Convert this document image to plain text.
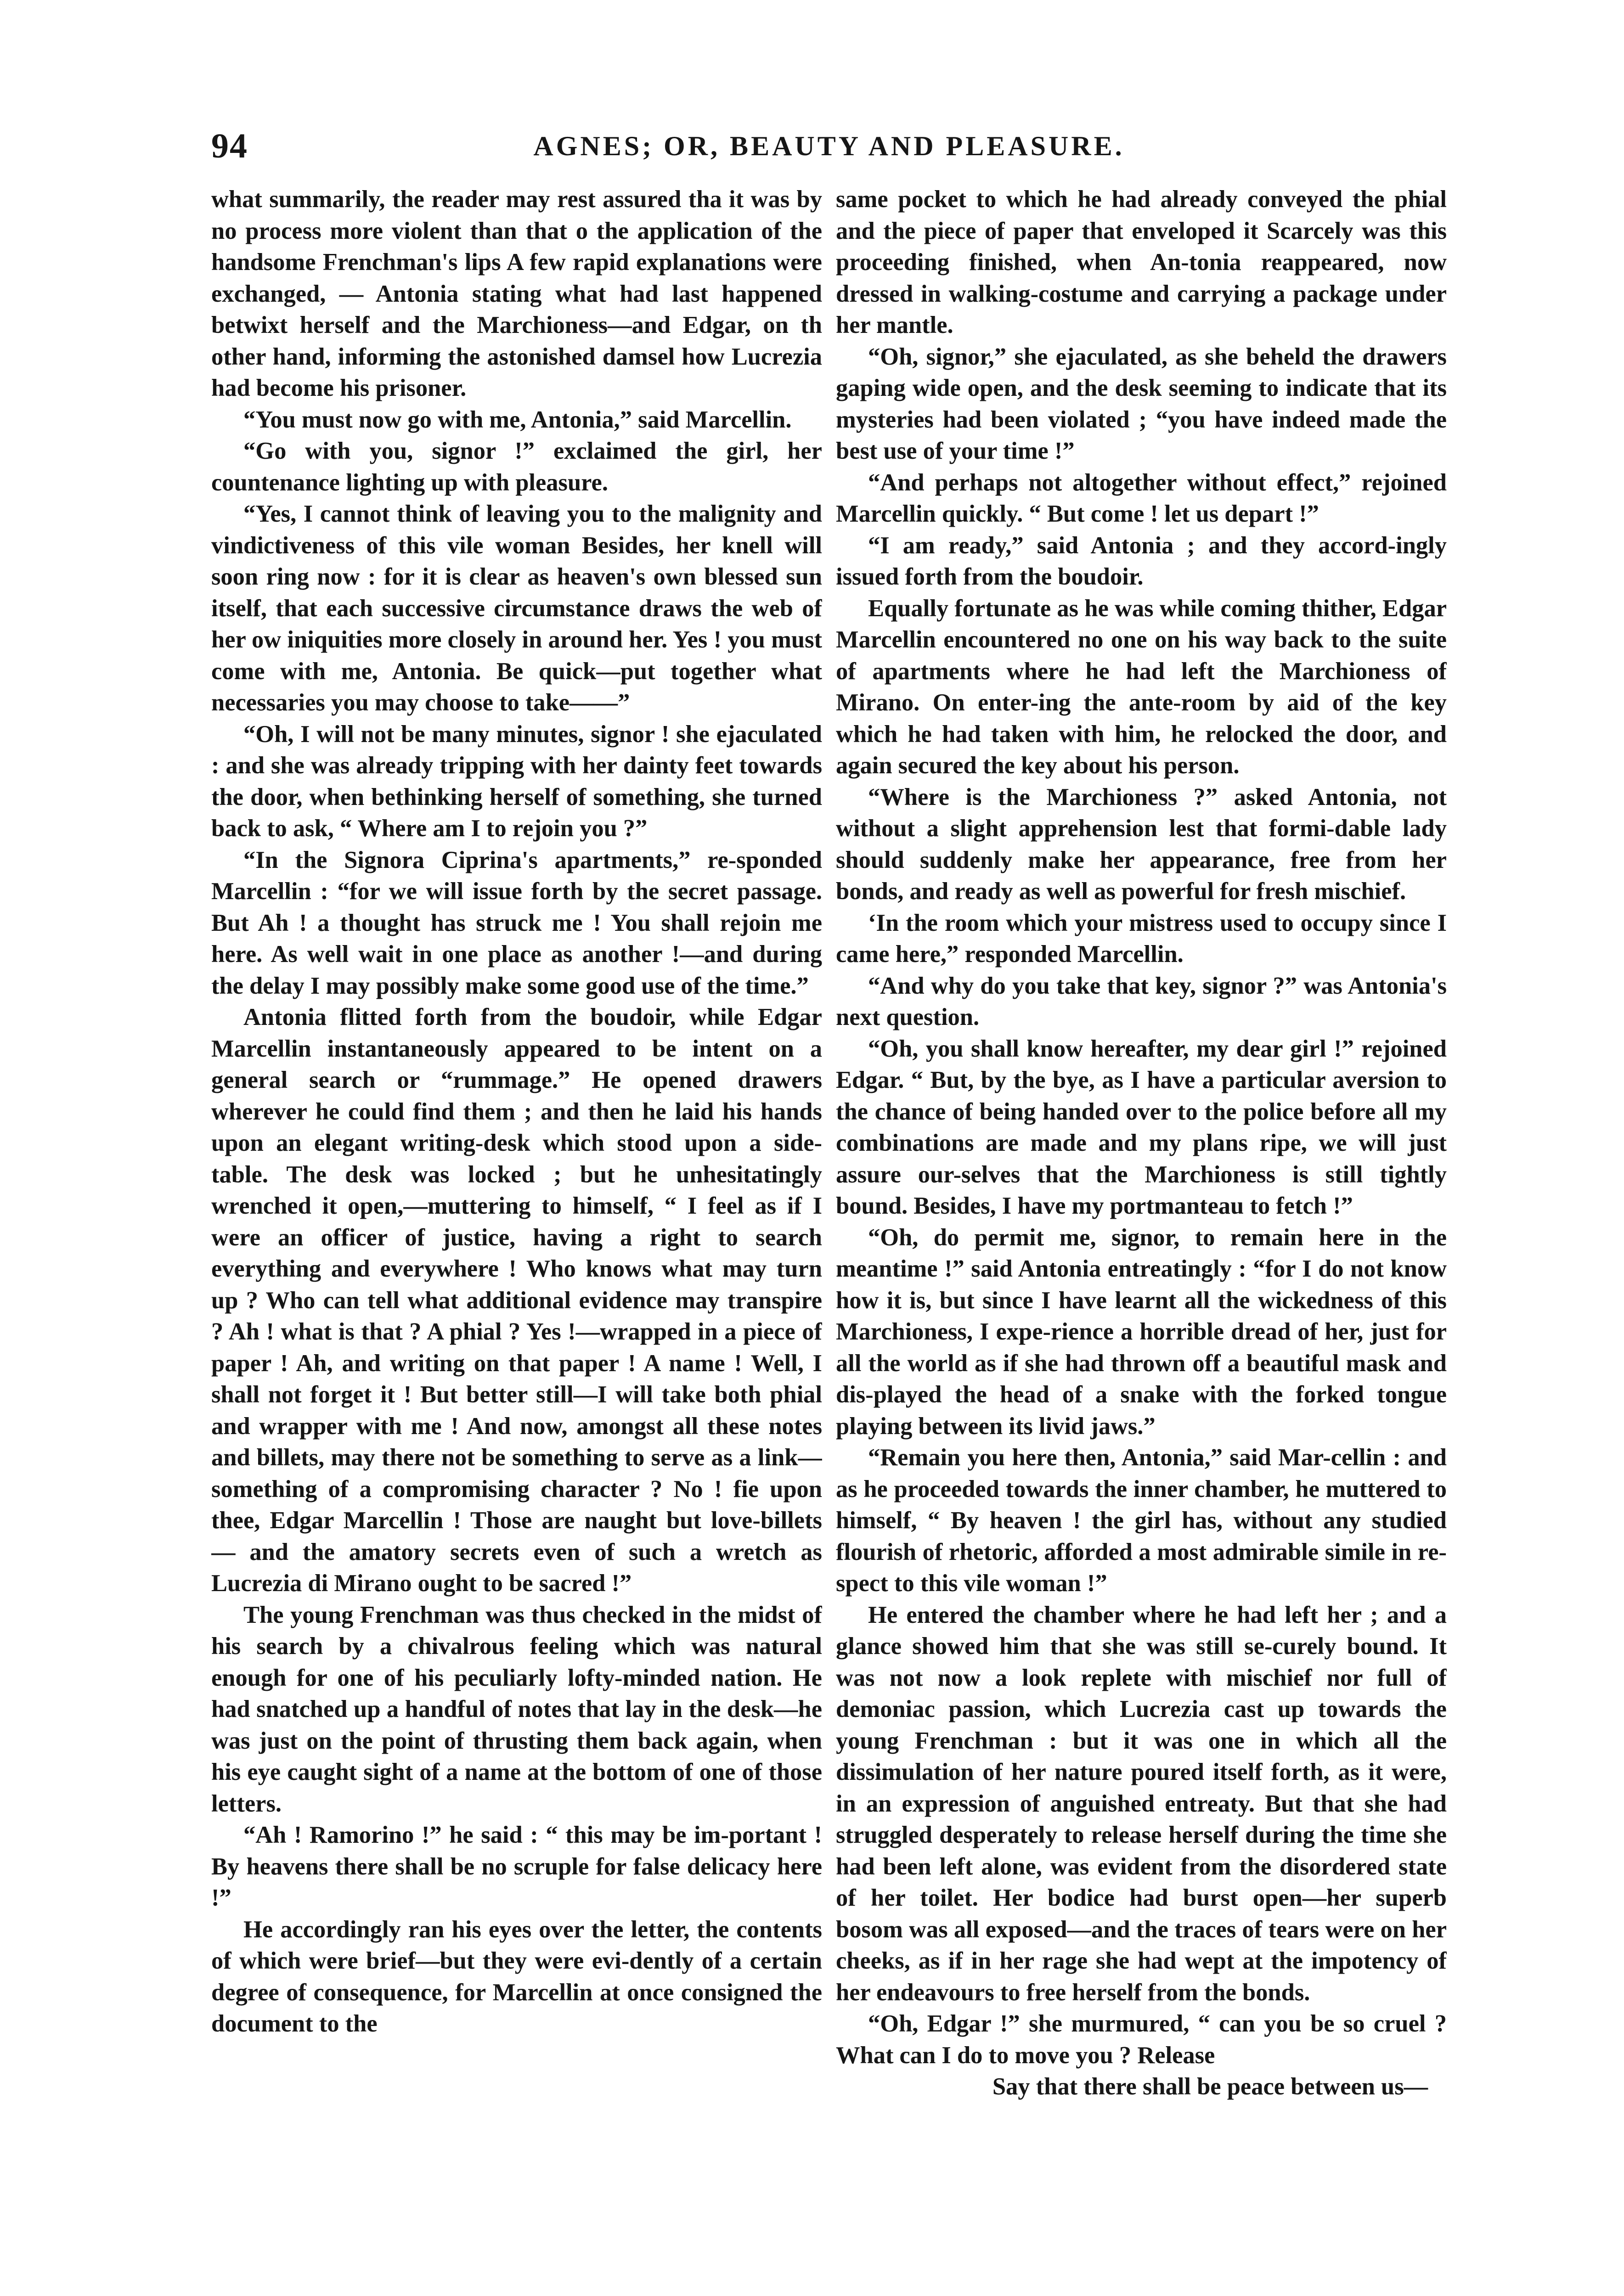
94	AGNES; OR, BEAUTY AND PLEASURE.

what summarily, the reader may rest assured tha it was by no process more violent than that o the application of the handsome Frenchman's lips A few rapid explanations were exchanged, — Antonia stating what had last happened betwixt herself and the Marchioness—and Edgar, on th other hand, informing the astonished damsel how Lucrezia had become his prisoner.

“You must now go with me, Antonia,” said Marcellin.

“Go with you, signor !” exclaimed the girl, her countenance lighting up with pleasure.

“Yes, I cannot think of leaving you to the malignity and vindictiveness of this vile woman Besides, her knell will soon ring now : for it is clear as heaven's own blessed sun itself, that each successive circumstance draws the web of her ow iniquities more closely in around her. Yes ! you must come with me, Antonia. Be quick—put together what necessaries you may choose to take——”

“Oh, I will not be many minutes, signor ! she ejaculated : and she was already tripping with her dainty feet towards the door, when bethinking herself of something, she turned back to ask, “ Where am I to rejoin you ?”

“In the Signora Ciprina's apartments,” re-sponded Marcellin : “for we will issue forth by the secret passage. But Ah ! a thought has struck me ! You shall rejoin me here. As well wait in one place as another !—and during the delay I may possibly make some good use of the time.”

Antonia flitted forth from the boudoir, while Edgar Marcellin instantaneously appeared to be intent on a general search or “rummage.” He opened drawers wherever he could find them ; and then he laid his hands upon an elegant writing-desk which stood upon a side-table. The desk was locked ; but he unhesitatingly wrenched it open,—muttering to himself, “ I feel as if I were an officer of justice, having a right to search everything and everywhere ! Who knows what may turn up ? Who can tell what additional evidence may transpire ? Ah ! what is that ? A phial ? Yes !—wrapped in a piece of paper ! Ah, and writing on that paper ! A name ! Well, I shall not forget it ! But better still—I will take both phial and wrapper with me ! And now, amongst all these notes and billets, may there not be something to serve as a link—something of a compromising character ? No ! fie upon thee, Edgar Marcellin ! Those are naught but love-billets — and the amatory secrets even of such a wretch as Lucrezia di Mirano ought to be sacred !”

The young Frenchman was thus checked in the midst of his search by a chivalrous feeling which was natural enough for one of his peculiarly lofty-minded nation. He had snatched up a handful of notes that lay in the desk—he was just on the point of thrusting them back again, when his eye caught sight of a name at the bottom of one of those letters.

“Ah ! Ramorino !” he said : “ this may be im-portant ! By heavens there shall be no scruple for false delicacy here !”

He accordingly ran his eyes over the letter, the contents of which were brief—but they were evi-dently of a certain degree of consequence, for Marcellin at once consigned the document to the

same pocket to which he had already conveyed the phial and the piece of paper that enveloped it Scarcely was this proceeding finished, when An-tonia reappeared, now dressed in walking-costume and carrying a package under her mantle.

“Oh, signor,” she ejaculated, as she beheld the drawers gaping wide open, and the desk seeming to indicate that its mysteries had been violated ; “you have indeed made the best use of your time !”

“And perhaps not altogether without effect,” rejoined Marcellin quickly. “ But come ! let us depart !”

“I am ready,” said Antonia ; and they accord-ingly issued forth from the boudoir.

Equally fortunate as he was while coming thither, Edgar Marcellin encountered no one on his way back to the suite of apartments where he had left the Marchioness of Mirano. On enter-ing the ante-room by aid of the key which he had taken with him, he relocked the door, and again secured the key about his person.

“Where is the Marchioness ?” asked Antonia, not without a slight apprehension lest that formi-dable lady should suddenly make her appearance, free from her bonds, and ready as well as powerful for fresh mischief.

‘In the room which your mistress used to occupy since I came here,” responded Marcellin.

“And why do you take that key, signor ?” was Antonia's next question.

“Oh, you shall know hereafter, my dear girl !” rejoined Edgar. “ But, by the bye, as I have a particular aversion to the chance of being handed over to the police before all my combinations are made and my plans ripe, we will just assure our-selves that the Marchioness is still tightly bound. Besides, I have my portmanteau to fetch !”

“Oh, do permit me, signor, to remain here in the meantime !” said Antonia entreatingly : “for I do not know how it is, but since I have learnt all the wickedness of this Marchioness, I expe-rience a horrible dread of her, just for all the world as if she had thrown off a beautiful mask and dis-played the head of a snake with the forked tongue playing between its livid jaws.”

“Remain you here then, Antonia,” said Mar-cellin : and as he proceeded towards the inner chamber, he muttered to himself, “ By heaven ! the girl has, without any studied flourish of rhetoric, afforded a most admirable simile in re-spect to this vile woman !”

He entered the chamber where he had left her ; and a glance showed him that she was still se-curely bound. It was not now a look replete with mischief nor full of demoniac passion, which Lucrezia cast up towards the young Frenchman : but it was one in which all the dissimulation of her nature poured itself forth, as it were, in an expression of anguished entreaty. But that she had struggled desperately to release herself during the time she had been left alone, was evident from the disordered state of her toilet. Her bodice had burst open—her superb bosom was all exposed—and the traces of tears were on her cheeks, as if in her rage she had wept at the impotency of her endeavours to free herself from the bonds.

“Oh, Edgar !” she murmured, “ can you be so cruel ? What can I do to move you ? Release

Say that there shall be peace between us—
